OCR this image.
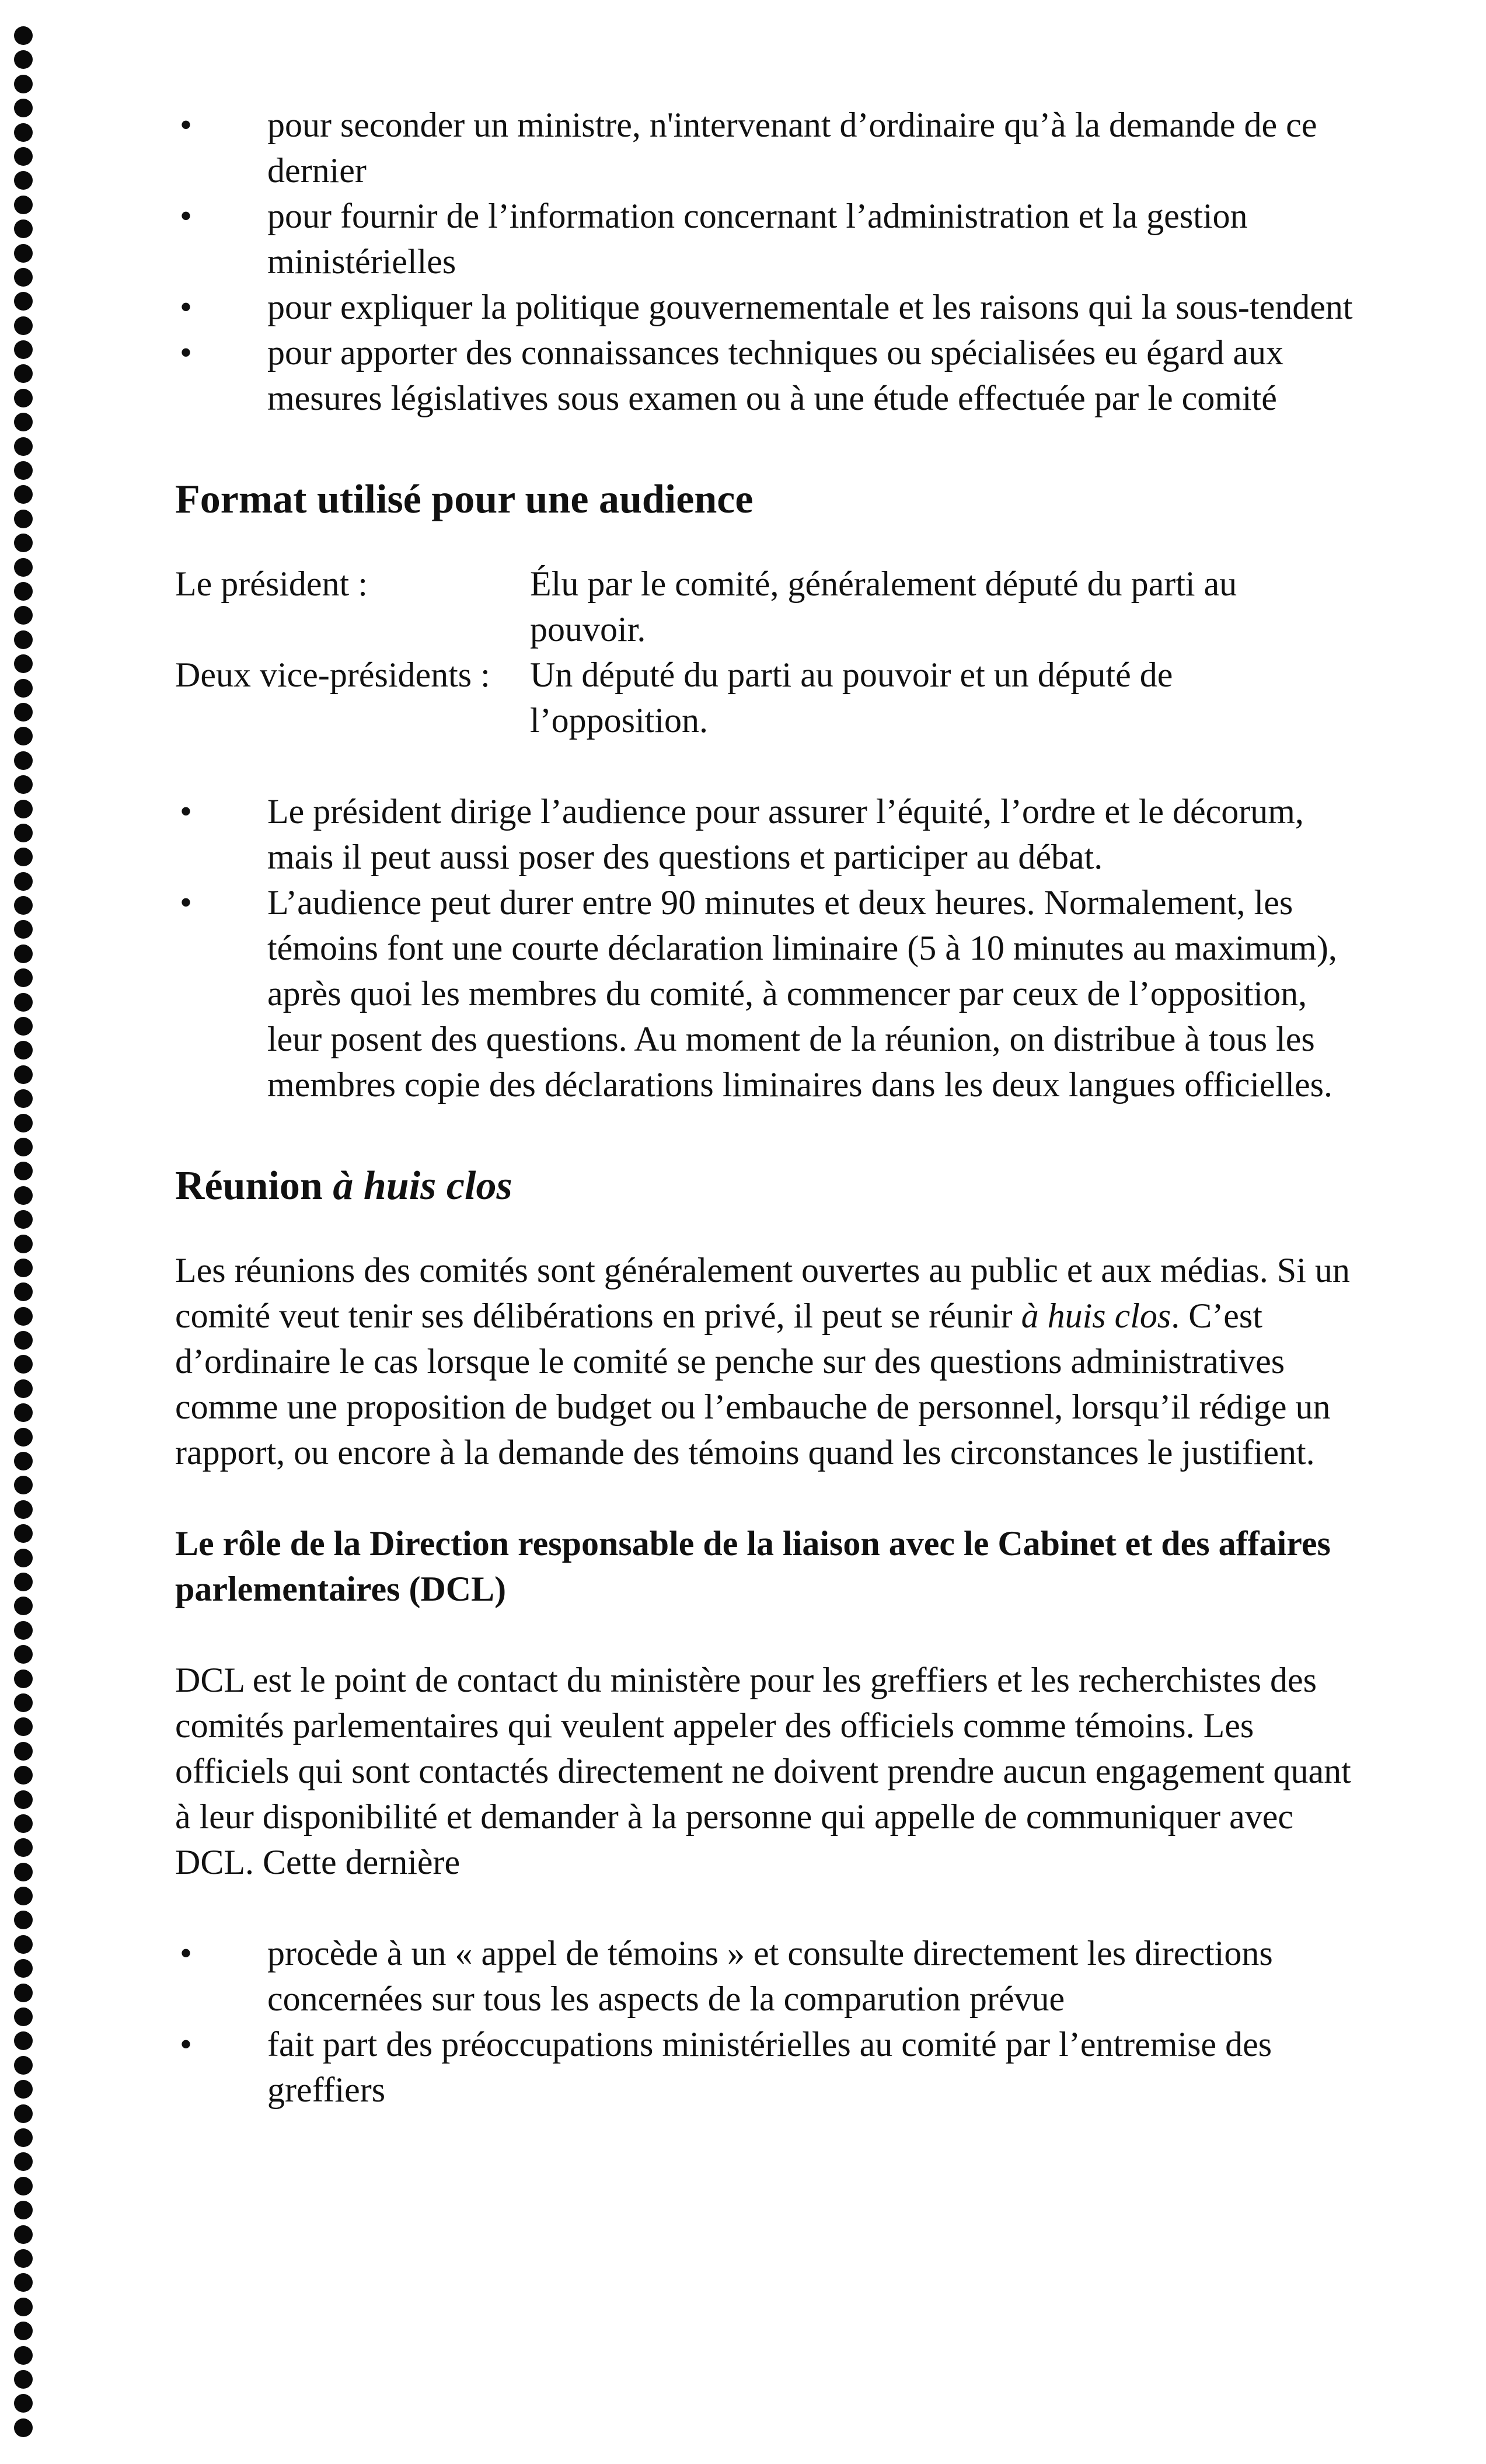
• pour seconder un ministre, n'intervenant d’ordinaire qu’à la demande de ce dernier
• pour fournir de l’information concernant l’administration et la gestion ministérielles
• pour expliquer la politique gouvernementale et les raisons qui la sous-tendent
• pour apporter des connaissances techniques ou spécialisées eu égard aux mesures législatives sous examen ou à une étude effectuée par le comité
Format utilisé pour une audience
Le président :	Élu par le comité, généralement député du parti au pouvoir.
Deux vice-présidents :	Un député du parti au pouvoir et un député de l’opposition.
• Le président dirige l’audience pour assurer l’équité, l’ordre et le décorum, mais il peut aussi poser des questions et participer au débat.
• L’audience peut durer entre 90 minutes et deux heures. Normalement, les témoins font une courte déclaration liminaire (5 à 10 minutes au maximum), après quoi les membres du comité, à commencer par ceux de l’opposition, leur posent des questions. Au moment de la réunion, on distribue à tous les membres copie des déclarations liminaires dans les deux langues officielles.
Réunion à huis clos

Les réunions des comités sont généralement ouvertes au public et aux médias. Si un comité veut tenir ses délibérations en privé, il peut se réunir à huis clos. C’est d’ordinaire le cas lorsque le comité se penche sur des questions administratives comme une proposition de budget ou l’embauche de personnel, lorsqu’il rédige un rapport, ou encore à la demande des témoins quand les circonstances le justifient.

Le rôle de la Direction responsable de la liaison avec le Cabinet et des affaires parlementaires (DCL)

DCL est le point de contact du ministère pour les greffiers et les recherchistes des comités parlementaires qui veulent appeler des officiels comme témoins. Les officiels qui sont contactés directement ne doivent prendre aucun engagement quant à leur disponibilité et demander à la personne qui appelle de communiquer avec DCL. Cette dernière

• procède à un « appel de témoins » et consulte directement les directions concernées sur tous les aspects de la comparution prévue
• fait part des préoccupations ministérielles au comité par l’entremise des greffiers
